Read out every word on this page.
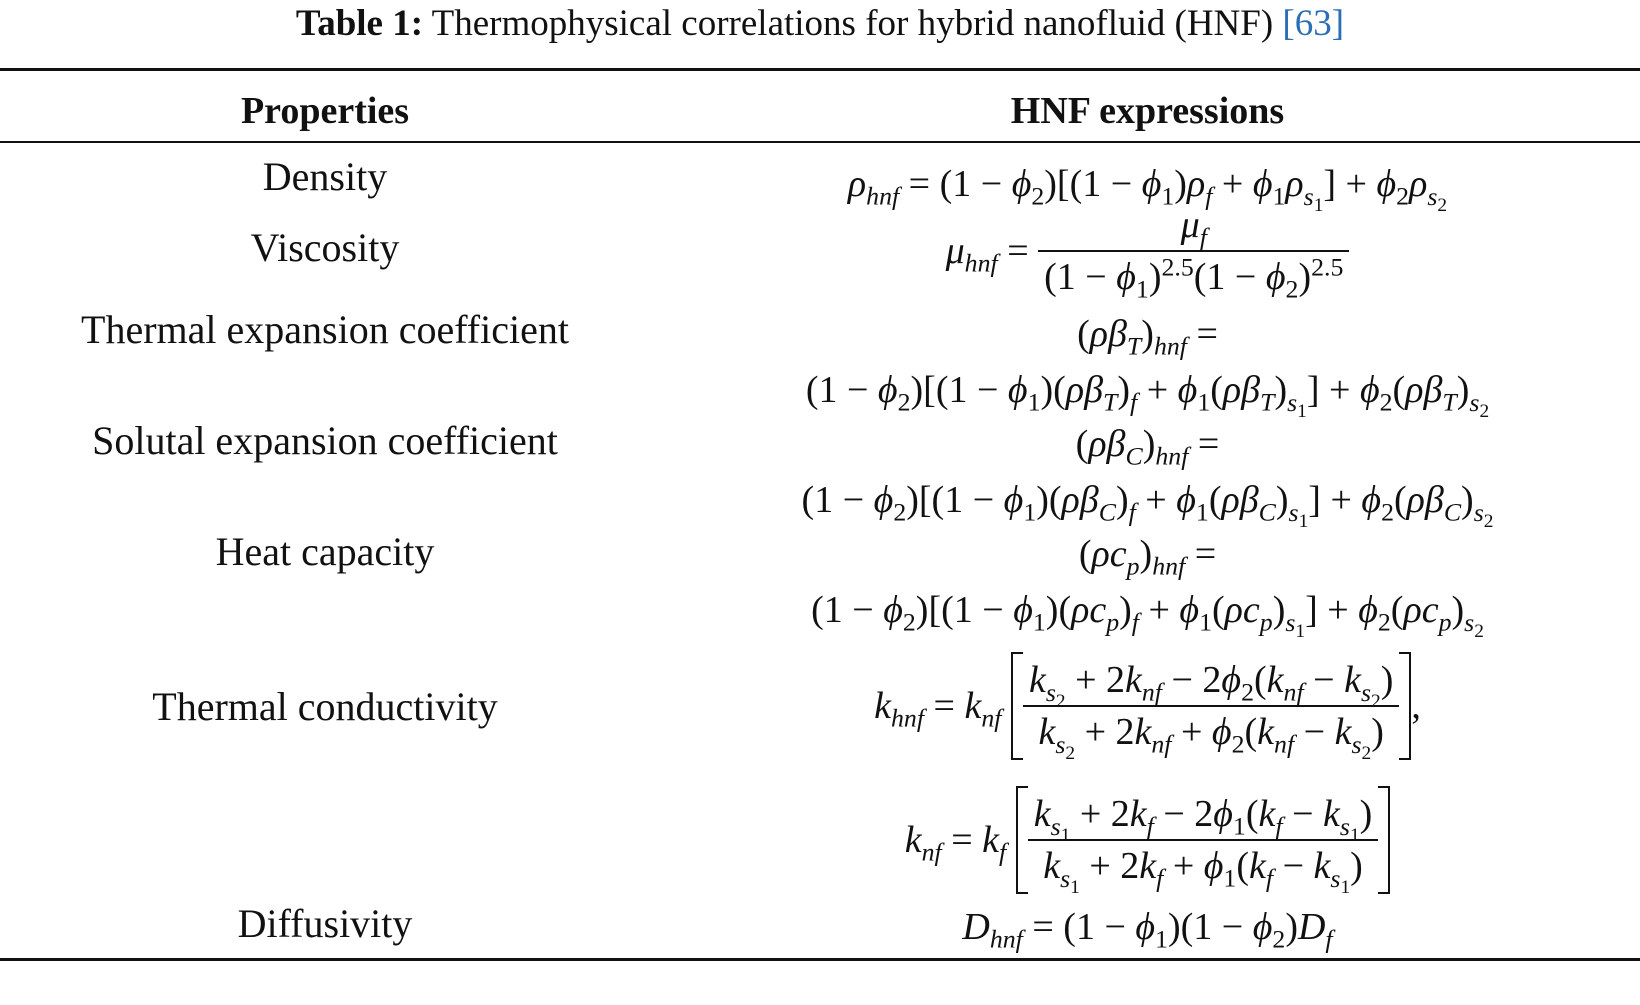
Table 1: Thermophysical correlations for hybrid nanofluid (HNF) [63]
Properties	HNF expressions
Density	$\rho_{hnf} = (1 - \phi_2)[(1 - \phi_1)\rho_f + \phi_1\rho_{s_1}] + \phi_2\rho_{s_2}$
Viscosity	$\mu_{hnf} = \frac{\mu_f}{(1 - \phi_1)^{2.5}(1 - \phi_2)^{2.5}}$
Thermal expansion coefficient	$(\rho\beta_T)_{hnf}$ =
$(1 - \phi_2)[(1 - \phi_1)(\rho\beta_T)_f + \phi_1(\rho\beta_T)_{s_1}] + \phi_2(\rho\beta_T)_{s_2}$
Solutal expansion coefficient	$(\rho\beta_C)_{hnf}$ =
$(1 - \phi_2)[(1 - \phi_1)(\rho\beta_C)_f + \phi_1(\rho\beta_C)_{s_1}] + \phi_2(\rho\beta_C)_{s_2}$
Heat capacity	$(\rho c_p)_{hnf}$ =
$(1 - \phi_2)[(1 - \phi_1)(\rho c_p)_f + \phi_1(\rho c_p)_{s_1}] + \phi_2(\rho c_p)_{s_2}$
Thermal conductivity	$k_{hnf} = k_{nf} \frac{k_{s_2} + 2k_{nf} - 2\phi_2(k_{nf} - k_{s_2})}{k_{s_2} + 2k_{nf} + \phi_2(k_{nf} - k_{s_2})}$ ,
$k_{nf} = k_f \frac{k_{s_1} + 2k_f - 2\phi_1(k_f - k_{s_1})}{k_{s_1} + 2k_f + \phi_1(k_f - k_{s_1})}$
Diffusivity	$D_{hnf} = (1 - \phi_1)(1 - \phi_2)D_f$
